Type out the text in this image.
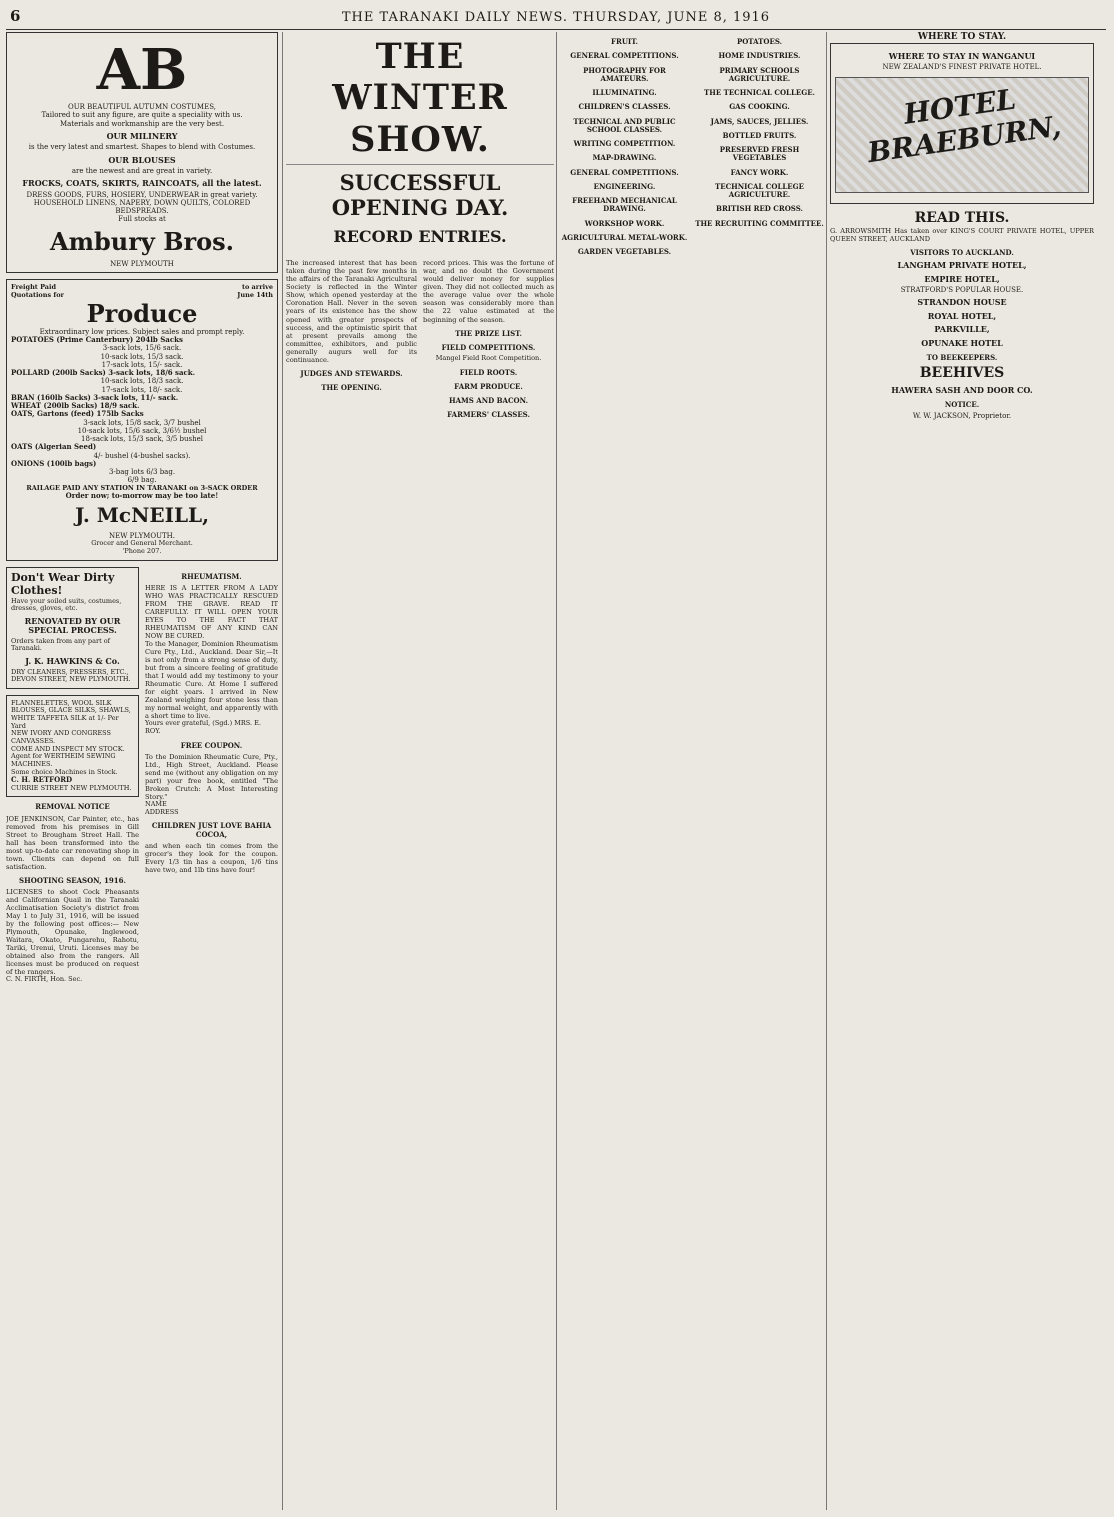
6	THE TARANAKI DAILY NEWS. THURSDAY, JUNE 8, 1916
AB
OUR BEAUTIFUL AUTUMN COSTUMES,
Tailored to suit any figure, are quite a speciality with us.
Materials and workmanship are the very best.
OUR MILINERY
is the very latest and smartest. Shapes to blend with Costumes.
OUR BLOUSES
are the newest and are great in variety.
FROCKS, COATS, SKIRTS, RAINCOATS, all the latest.
DRESS GOODS, FURS, HOSIERY, UNDERWEAR in great variety.
HOUSEHOLD LINENS, NAPERY, DOWN QUILTS, COLORED BEDSPREADS.
Full stocks at
Ambury Bros.
NEW PLYMOUTH
Freight Paid	to arrive
Quotations for	June 14th
Produce
Extraordinary low prices. Subject sales and prompt reply.
POTATOES (Prime Canterbury) 204lb Sacks
3-sack lots, 15/6 sack.
10-sack lots, 15/3 sack.
17-sack lots, 15/- sack.
POLLARD (200lb Sacks) 3-sack lots, 18/6 sack.
10-sack lots, 18/3 sack.
17-sack lots, 18/- sack.
BRAN (160lb Sacks) 3-sack lots, 11/- sack.
WHEAT (200lb Sacks) 18/9 sack.
OATS, Gartons (feed) 175lb Sacks
3-sack lots, 15/8 sack, 3/7 bushel
10-sack lots, 15/6 sack, 3/6½ bushel
18-sack lots, 15/3 sack, 3/5 bushel
OATS (Algerian Seed)
4/- bushel (4-bushel sacks).
ONIONS (100lb bags)
3-bag lots 6/3 bag.
6/9 bag.
RAILAGE PAID ANY STATION IN TARANAKI on 3-SACK ORDER
Order now; to-morrow may be too late!
J. McNEILL,
NEW PLYMOUTH.
Grocer and General Merchant.
'Phone 207.
Don't Wear Dirty Clothes!
Have your soiled suits, costumes, dresses, gloves, etc.
RENOVATED BY OUR SPECIAL PROCESS.
Orders taken from any part of Taranaki.
J. K. HAWKINS & Co.
DRY CLEANERS, PRESSERS, ETC.,
DEVON STREET, NEW PLYMOUTH.
FLANNELETTES, WOOL SILK BLOUSES, GLACE SILKS, SHAWLS,
WHITE TAFFETA SILK at 1/- Per Yard
NEW IVORY AND CONGRESS CANVASSES.
COME AND INSPECT MY STOCK.
Agent for WERTHEIM SEWING MACHINES.
Some choice Machines in Stock.
C. H. RETFORD
CURRIE STREET NEW PLYMOUTH.
REMOVAL NOTICE
JOE JENKINSON, Car Painter, etc., has removed from his premises in Gill Street to Brougham Street Hall. The hall has been transformed into the most up-to-date car renovating shop in town. Clients can depend on full satisfaction.
SHOOTING SEASON, 1916.
LICENSES to shoot Cock Pheasants and Californian Quail in the Taranaki Acclimatisation Society's district from May 1 to July 31, 1916, will be issued by the following post offices:— New Plymouth, Opunake, Inglewood, Waitara, Okato, Pungarehu, Rahotu, Tariki, Urenui, Uruti. Licenses may be obtained also from the rangers. All licenses must be produced on request of the rangers.
C. N. FIRTH, Hon. Sec.
RHEUMATISM.
HERE IS A LETTER FROM A LADY WHO WAS PRACTICALLY RESCUED FROM THE GRAVE. READ IT CAREFULLY. IT WILL OPEN YOUR EYES TO THE FACT THAT RHEUMATISM OF ANY KIND CAN NOW BE CURED.
To the Manager, Dominion Rheumatism Cure Pty., Ltd., Auckland. Dear Sir,—It is not only from a strong sense of duty, but from a sincere feeling of gratitude that I would add my testimony to your Rheumatic Cure. At Home I suffered for eight years. I arrived in New Zealand weighing four stone less than my normal weight, and apparently with a short time to live.
Yours ever grateful, (Sgd.) MRS. E. ROY.
FREE COUPON.
To the Dominion Rheumatic Cure, Pty., Ltd., High Street, Auckland. Please send me (without any obligation on my part) your free book, entitled "The Broken Crutch: A Most Interesting Story."
NAME
ADDRESS
CHILDREN JUST LOVE BAHIA COCOA,
and when each tin comes from the grocer's they look for the coupon. Every 1/3 tin has a coupon, 1/6 tins have two, and 1lb tins have four!
THE WINTER SHOW.
SUCCESSFUL OPENING DAY.
RECORD ENTRIES.
The increased interest that has been taken during the past few months in the affairs of the Taranaki Agricultural Society is reflected in the Winter Show, which opened yesterday at the Coronation Hall. Never in the seven years of its existence has the show opened with greater prospects of success, and the optimistic spirit that at present prevails among the committee, exhibitors, and public generally augurs well for its continuance.
JUDGES AND STEWARDS.
THE OPENING.
record prices. This was the fortune of war, and no doubt the Government would deliver money for supplies given. They did not collected much as the average value over the whole season was considerably more than the 22 value estimated at the beginning of the season.
THE PRIZE LIST.
FIELD COMPETITIONS.
Mangel Field Root Competition.
FIELD ROOTS.
FARM PRODUCE.
HAMS AND BACON.
FARMERS' CLASSES.
FRUIT.
GENERAL COMPETITIONS.
PHOTOGRAPHY FOR AMATEURS.
ILLUMINATING.
CHILDREN'S CLASSES.
TECHNICAL AND PUBLIC SCHOOL CLASSES.
WRITING COMPETITION.
MAP-DRAWING.
GENERAL COMPETITIONS.
ENGINEERING.
FREEHAND MECHANICAL DRAWING.
WORKSHOP WORK.
AGRICULTURAL METAL-WORK.
GARDEN VEGETABLES.
POTATOES.
HOME INDUSTRIES.
PRIMARY SCHOOLS AGRICULTURE.
THE TECHNICAL COLLEGE.
GAS COOKING.
JAMS, SAUCES, JELLIES.
BOTTLED FRUITS.
PRESERVED FRESH VEGETABLES
FANCY WORK.
TECHNICAL COLLEGE AGRICULTURE.
BRITISH RED CROSS.
THE RECRUITING COMMITTEE.
WHERE TO STAY.
WHERE TO STAY IN WANGANUI
NEW ZEALAND'S FINEST PRIVATE HOTEL.
HOTEL BRAEBURN,
READ THIS.
G. ARROWSMITH Has taken over KING'S COURT PRIVATE HOTEL, UPPER QUEEN STREET, AUCKLAND
VISITORS TO AUCKLAND.
LANGHAM PRIVATE HOTEL,
EMPIRE HOTEL,
STRATFORD'S POPULAR HOUSE.
STRANDON HOUSE
ROYAL HOTEL,
PARKVILLE,
OPUNAKE HOTEL
TO BEEKEEPERS.
BEEHIVES
HAWERA SASH AND DOOR CO.
NOTICE.
W. W. JACKSON, Proprietor.
